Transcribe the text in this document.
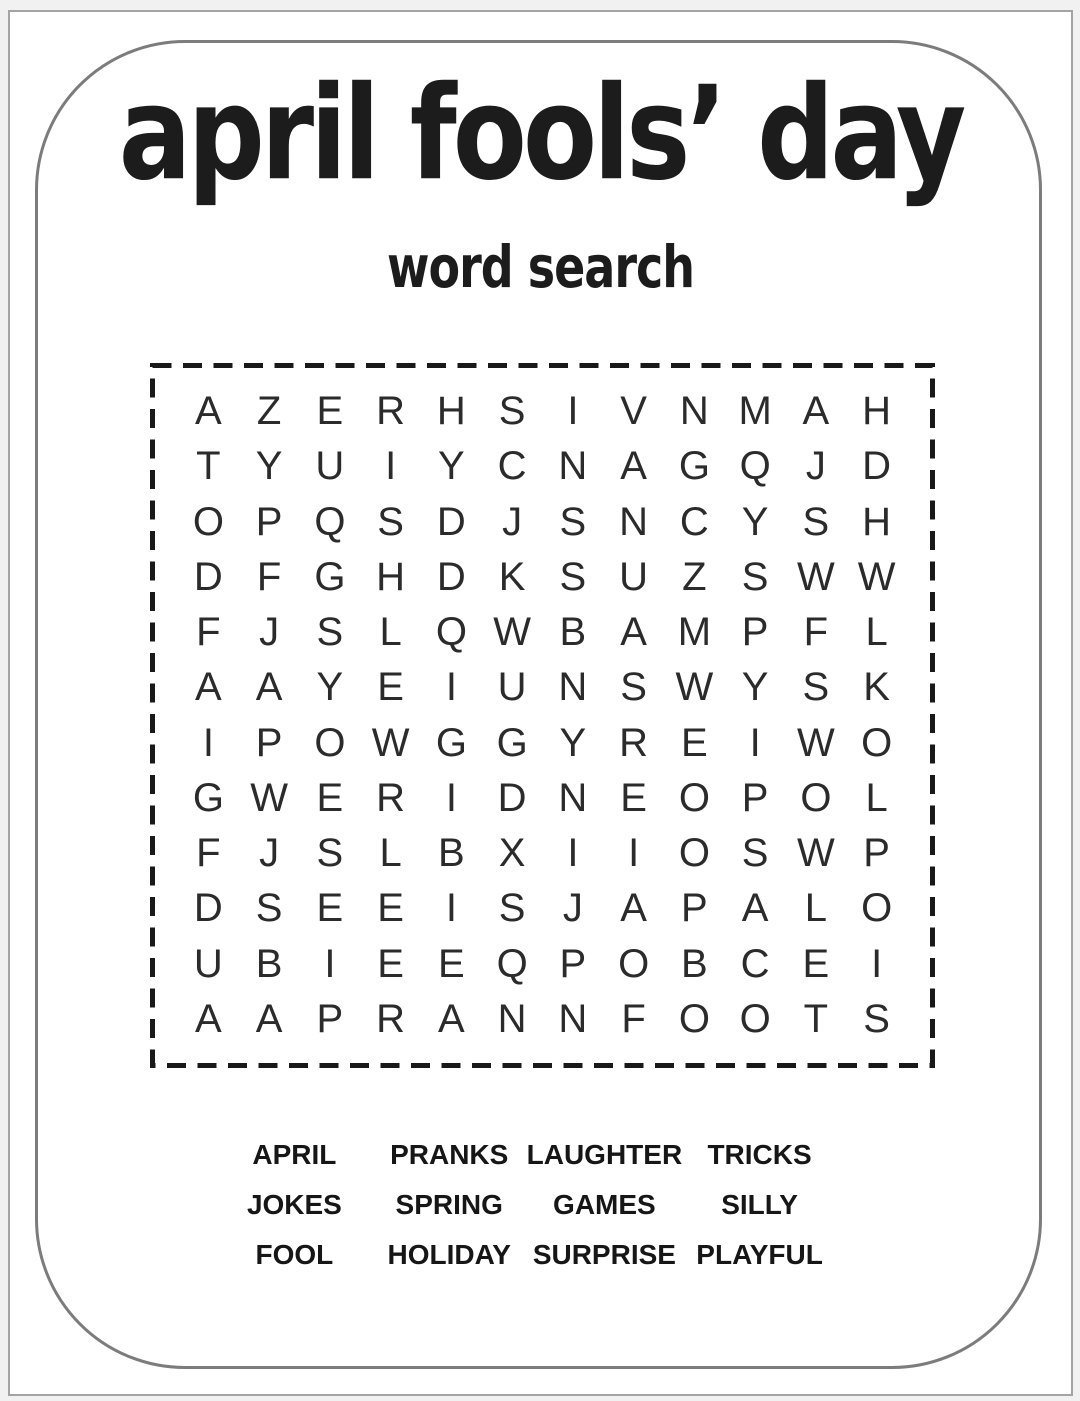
april fools’ day
word search
A Z E R H S	I	V N M A H
T Y U	I	Y C N A G Q J D
O P Q S D J S N C Y S H
D F G H D K S U Z S W W
F J S L Q W B A M P F L
A A Y E	I	U N S W Y S K
I	P O W G G Y R E	I W O
G W E R	I	D N E O P O L
F J S L B X	I	I O S W P
D S E E	I	S J A P A L O
U B	I	E E Q P O B C E	I
A A P R A N N F O O T S
APRIL PRANKS LAUGHTER TRICKS
JOKES SPRING GAMES SILLY
FOOL HOLIDAY SURPRISE PLAYFUL
